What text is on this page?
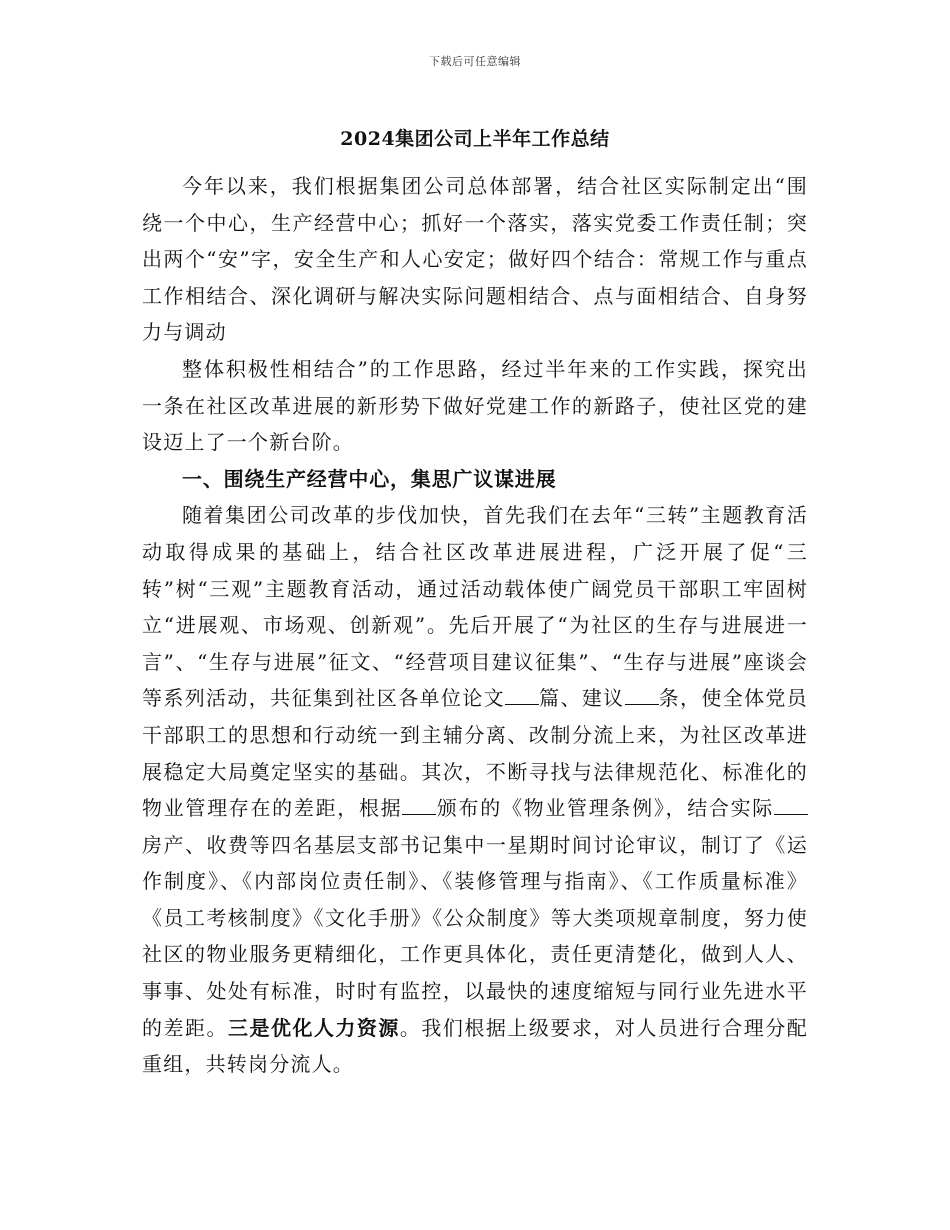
下载后可任意编辑
2024集团公司上半年工作总结

今年以来，我们根据集团公司总体部署，结合社区实际制定出“围绕一个中心，生产经营中心；抓好一个落实，落实党委工作责任制；突出两个“安”字，安全生产和人心安定；做好四个结合：常规工作与重点工作相结合、深化调研与解决实际问题相结合、点与面相结合、自身努力与调动

整体积极性相结合”的工作思路，经过半年来的工作实践，探究出一条在社区改革进展的新形势下做好党建工作的新路子，使社区党的建设迈上了一个新台阶。

一、围绕生产经营中心，集思广议谋进展

随着集团公司改革的步伐加快，首先我们在去年“三转”主题教育活动取得成果的基础上，结合社区改革进展进程，广泛开展了促“三转”树“三观”主题教育活动，通过活动载体使广阔党员干部职工牢固树立“进展观、市场观、创新观”。先后开展了“为社区的生存与进展进一言”、“生存与进展”征文、“经营项目建议征集”、“生存与进展”座谈会等系列活动，共征集到社区各单位论文 篇、建议 条，使全体党员干部职工的思想和行动统一到主辅分离、改制分流上来，为社区改革进展稳定大局奠定坚实的基础。其次，不断寻找与法律规范化、标准化的物业管理存在的差距，根据 颁布的《物业管理条例》，结合实际房产、收费等四名基层支部书记集中一星期时间讨论审议，制订了《运作制度》、《内部岗位责任制》、《装修管理与指南》、《工作质量标准》《员工考核制度》《文化手册》《公众制度》等大类项规章制度，努力使社区的物业服务更精细化，工作更具体化，责任更清楚化，做到人人、事事、处处有标准，时时有监控，以最快的速度缩短与同行业先进水平的差距。三是优化人力资源。我们根据上级要求，对人员进行合理分配重组，共转岗分流人。
